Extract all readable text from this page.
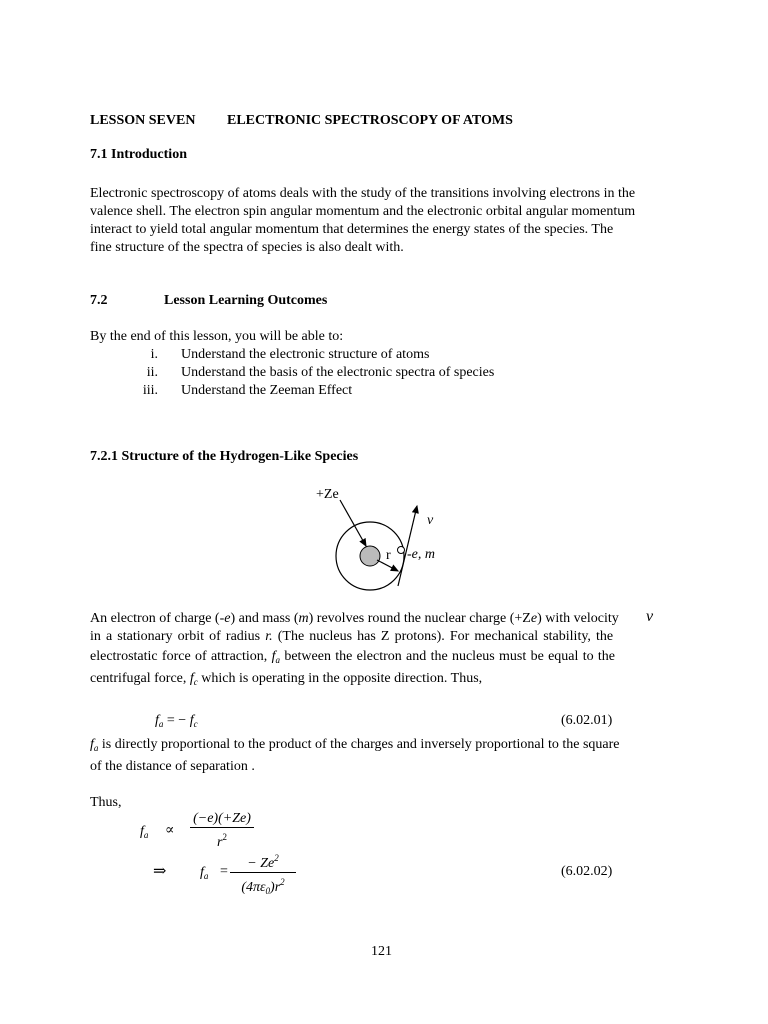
LESSON SEVEN ELECTRONIC SPECTROSCOPY OF ATOMS
7.1 Introduction
Electronic spectroscopy of atoms deals with the study of the transitions involving electrons in the
valence shell. The electron spin angular momentum and the electronic orbital angular momentum
interact to yield total angular momentum that determines the energy states of the species. The
fine structure of the spectra of species is also dealt with.
7.2	Lesson Learning Outcomes
By the end of this lesson, you will be able to:
i. Understand the electronic structure of atoms
ii. Understand the basis of the electronic spectra of species
iii. Understand the Zeeman Effect
7.2.1 Structure of the Hydrogen-Like Species
+Ze
v
r -e, m
An electron of charge (-e) and mass (m) revolves round the nuclear charge (+Ze) with velocity v
in a stationary orbit of radius r. (The nucleus has Z protons). For mechanical stability, the
electrostatic force of attraction, $f_a$ between the electron and the nucleus must be equal to the
centrifugal force, $f_c$ which is operating in the opposite direction. Thus,
$f_a$ = − $f_c$	(6.02.01)
$f_a$ is directly proportional to the product of the charges and inversely proportional to the square
of the distance of separation .
Thus,
$f_a \propto \frac{(-e)(+Ze)}{r^2}$
⇒ $f_a = \frac{- Ze^2}{(4\pi\varepsilon_0)r^2}$	(6.02.02)
121
